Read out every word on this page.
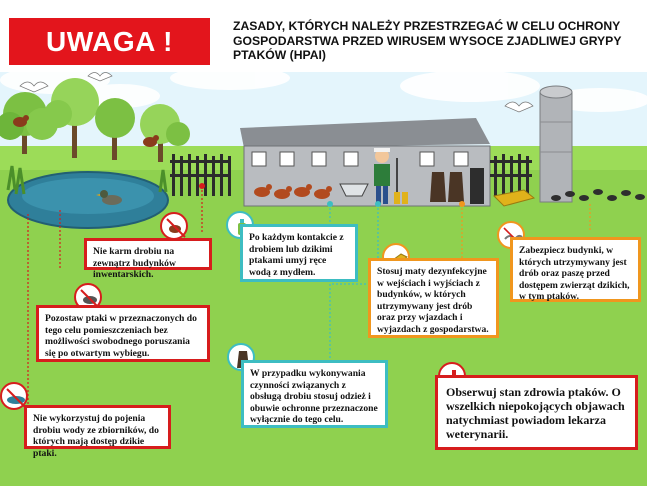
UWAGA !	ZASADY, KTÓRYCH NALEŻY PRZESTRZEGAĆ W CELU OCHRONY GOSPODARSTWA PRZED WIRUSEM WYSOCE ZJADLIWEJ GRYPY PTAKÓW (HPAI)
Nie karm drobiu na zewnątrz budynków inwentarskich.
Pozostaw ptaki w przeznaczonych do tego celu pomieszczeniach bez możliwości swobodnego poruszania się po otwartym wybiegu.
Nie wykorzystuj do pojenia drobiu wody ze zbiorników, do których mają dostęp dzikie ptaki.
Po każdym kontakcie z drobiem lub dzikimi ptakami umyj ręce wodą z mydłem.
W przypadku wykonywania czynności związanych z obsługą drobiu stosuj odzież i obuwie ochronne przeznaczone wyłącznie do tego celu.
Stosuj maty dezynfekcyjne w wejściach i wyjściach z budynków, w których utrzymywany jest drób oraz przy wjazdach i wyjazdach z gospodarstwa.
Zabezpiecz budynki, w których utrzymywany jest drób oraz paszę przed dostępem zwierząt dzikich, w tym ptaków.
Obserwuj stan zdrowia ptaków. O wszelkich niepokojących objawach natychmiast powiadom lekarza weterynarii.
